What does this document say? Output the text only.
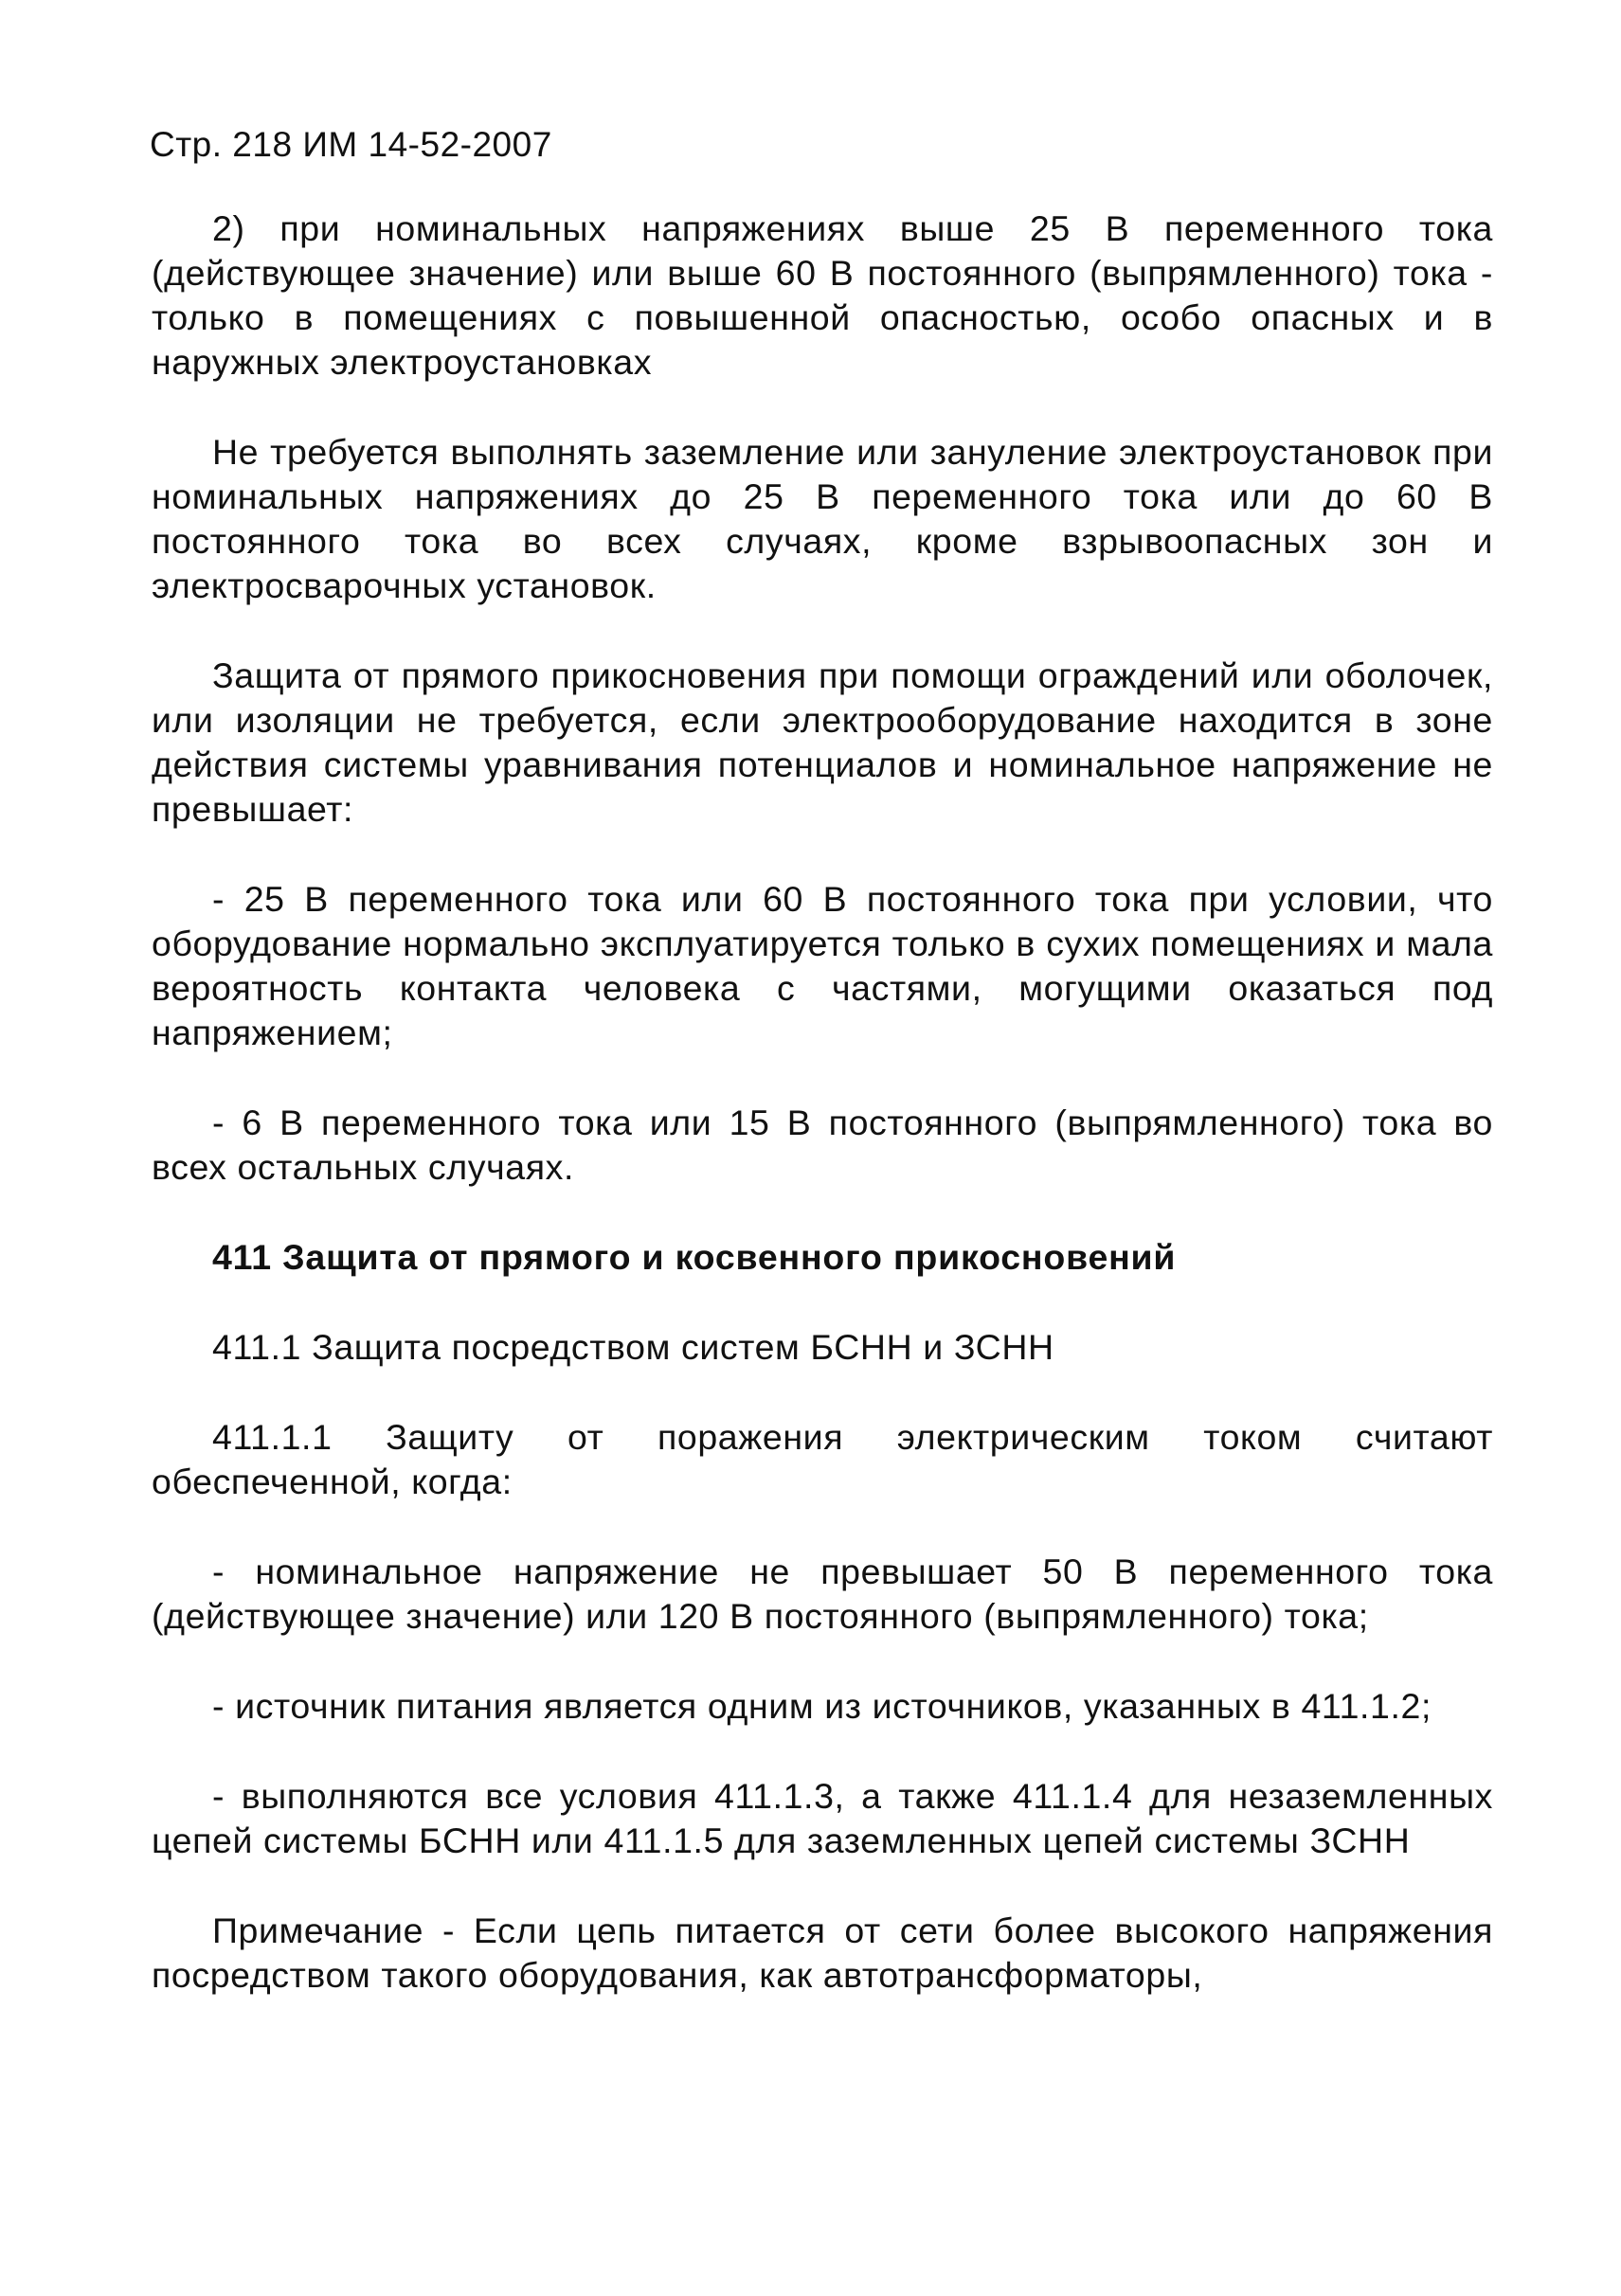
Стр. 218 ИМ 14-52-2007

2) при номинальных напряжениях выше 25 В переменного тока (действующее значение) или выше 60 В постоянного (выпрямленного) тока - только в помещениях с повышенной опасностью, особо опасных и в наружных электроустановках

Не требуется выполнять заземление или зануление электроустановок при номинальных напряжениях до 25 В переменного тока или до 60 В постоянного тока во всех случаях, кроме взрывоопасных зон и электросварочных установок.

Защита от прямого прикосновения при помощи ограждений или оболочек, или изоляции не требуется, если электрооборудование находится в зоне действия системы уравнивания потенциалов и номинальное напряжение не превышает:

- 25 В переменного тока или 60 В постоянного тока при условии, что оборудование нормально эксплуатируется только в сухих помещениях и мала вероятность контакта человека с частями, могущими оказаться под напряжением;

- 6 В переменного тока или 15 В постоянного (выпрямленного) тока во всех остальных случаях.

411 Защита от прямого и косвенного прикосновений

411.1 Защита посредством систем БСНН и ЗСНН

411.1.1 Защиту от поражения электрическим током считают обеспеченной, когда:

- номинальное напряжение не превышает 50 В переменного тока (действующее значение) или 120 В постоянного (выпрямленного) тока;

- источник питания является одним из источников, указанных в 411.1.2;

- выполняются все условия 411.1.3, а также 411.1.4 для незаземленных цепей системы БСНН или 411.1.5 для заземленных цепей системы ЗСНН

Примечание - Если цепь питается от сети более высокого напряжения посредством такого оборудования, как автотрансформаторы,
